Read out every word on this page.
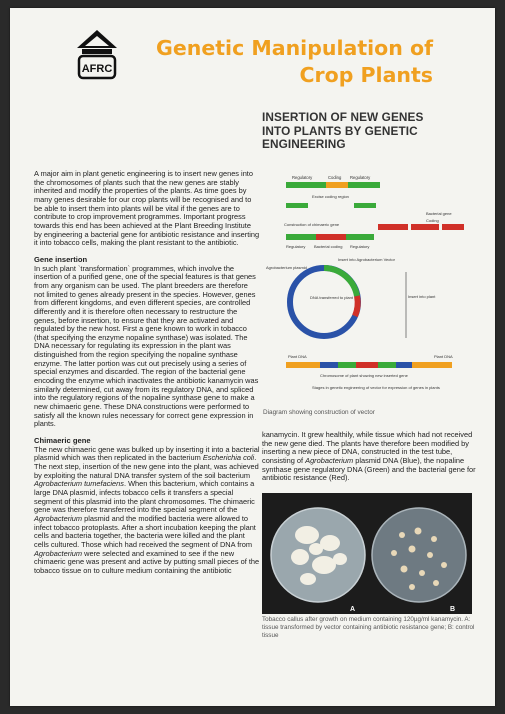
AFRC
Genetic Manipulation of
Crop Plants
INSERTION OF NEW GENES
INTO PLANTS BY GENETIC
ENGINEERING

A major aim in plant genetic engineering is to insert new genes into the chromosomes of plants such that the new genes are stably inherited and modify the properties of the plants. As time goes by many genes desirable for our crop plants will be recognised and to be able to insert them into plants will be vital if the genes are to contribute to crop improvement programmes. Important progress towards this end has been achieved at the Plant Breeding Institute by engineering a bacterial gene for antibiotic resistance and inserting it into tobacco cells, making the plant resistant to the antibiotic.

Gene insertion

In such plant `transformation` programmes, which involve the insertion of a purified gene, one of the special features is that genes from any organism can be used. The plant breeders are therefore not limited to genes already present in the species. However, genes from different kingdoms, and even different species, are controlled differently and it is therefore often necessary to restructure the genes, before insertion, to ensure that they are activated and regulated by the new host. First a gene known to work in tobacco (that specifying the enzyme nopaline synthase) was isolated. The DNA necessary for regulating its expression in the plant was distinguished from the region specifying the nopaline synthase enzyme. The latter portion was cut out precisely using a series of special enzymes and discarded. The region of the bacterial gene encoding the enzyme which inactivates the antibiotic kanamycin was similarly determined, cut away from its regulatory DNA, and spliced into the regulatory regions of the nopaline synthase gene to make a new chimaeric gene. These DNA constructions were performed to satisfy all the known rules necessary for correct gene expression in plants.

Chimaeric gene

The new chimaeric gene was bulked up by inserting it into a bacterial plasmid which was then replicated in the bacterium Escherichia coli. The next step, insertion of the new gene into the plant, was achieved by exploiting the natural DNA transfer system of the soil bacterium Agrobacterium tumefaciens. When this bacterium, which contains a large DNA plasmid, infects tobacco cells it transfers a special segment of this plasmid into the plant chromosomes. The chimaeric gene was therefore transferred into the special segment of the Agrobacterium plasmid and the modified bacteria were allowed to infect tobacco protoplasts. After a short incubation keeping the plant cells and bacteria together, the bacteria were killed and the plant cells cultured. Those which had received the segment of DNA from Agrobacterium were selected and examined to see if the new chimaeric gene was present and active by putting small pieces of the tobacco tissue on to culture medium containing the antibiotic

Regulatory	Coding Regulatory
Excise coding region
Bacterial gene
Coding
Construction of chimaeric gene
Regulatory Bacterial coding Regulatory
Agrobacterium plasmid
Insert into Agrobacterium Vector
DNA transferred to plant	Insert into plant
Plant DNA	Plant DNA
Chromosome of plant showing new inserted gene
Stages in genetic engineering of vector for expression of genes in plants
Diagram showing construction of vector

kanamycin. It grew healthily, while tissue which had not received the new gene died. The plants have therefore been modified by inserting a new piece of DNA, constructed in the test tube, consisting of Agrobacterium plasmid DNA (Blue), the nopaline synthase gene regulatory DNA (Green) and the bacterial gene for antibiotic resistance (Red).

A	B
Tobacco callus after growth on medium containing 120µg/ml kanamycin. A: tissue transformed by vector containing antibiotic resistance gene; B: control tissue
